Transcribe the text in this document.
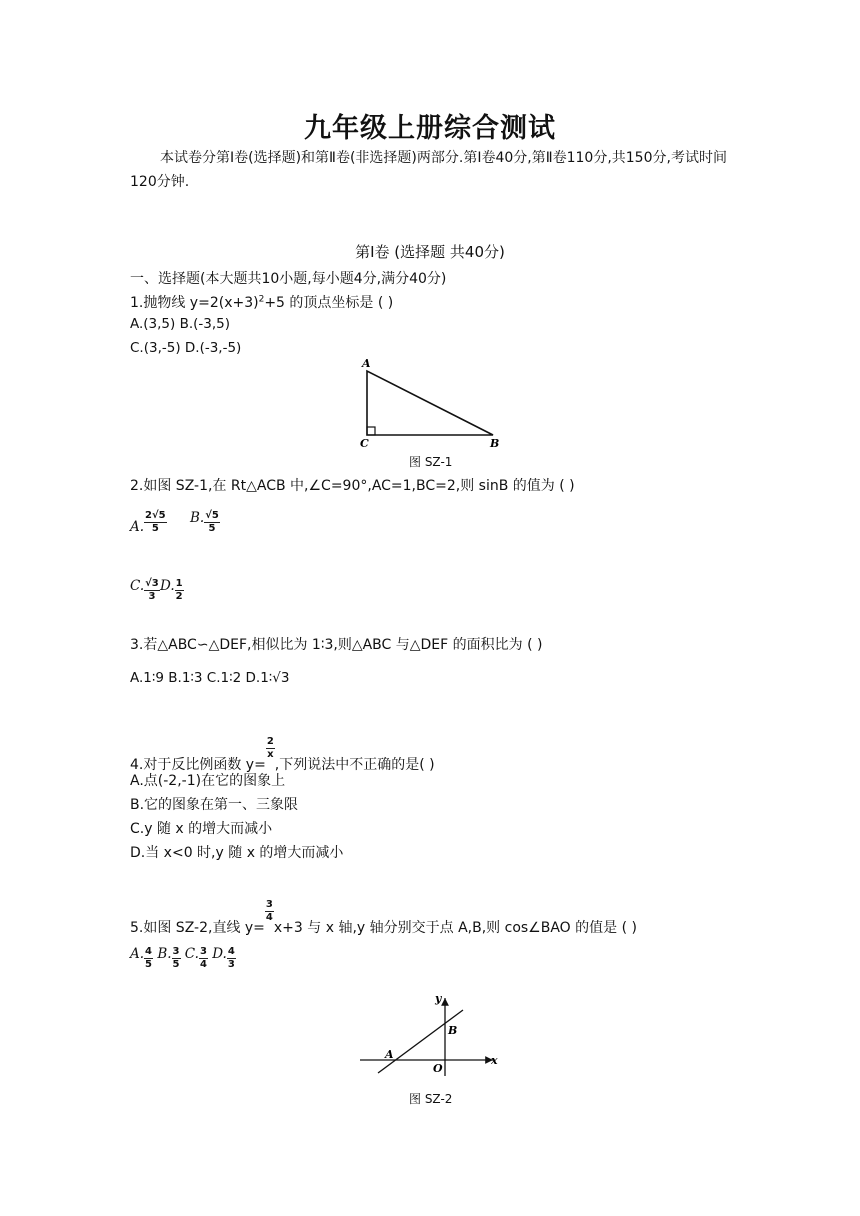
九年级上册综合测试
本试卷分第Ⅰ卷(选择题)和第Ⅱ卷(非选择题)两部分.第Ⅰ卷40分,第Ⅱ卷110分,共150分,考试时间120分钟.
第Ⅰ卷 (选择题 共40分)
一、选择题(本大题共10小题,每小题4分,满分40分)
1.抛物线 $y=2(x+3)^2+5$ 的顶点坐标是 ( )
A.(3,5) B.(-3,5)
C.(3,-5) D.(-3,-5)
A
C	B
图 SZ-1
2.如图 SZ-1,在 Rt△ACB 中,∠C=90°,AC=1,BC=2,则 sinB 的值为 ( )
A. $\frac{2√5}{5} B$. $\frac{√5}{5}$
C. $\frac{√3}{3} D$. $\frac{1}{2}$
3.若△ABC∽△DEF,相似比为 1∶3,则△ABC 与△DEF 的面积比为 ( )
A.1∶9 B.1∶3 C.1∶2 D.1∶√3
4.对于反比例函数 y=
$\frac{2}{x}$
,下列说法中不正确的是( )
A.点(-2,-1)在它的图象上
B.它的图象在第一、三象限
C.y 随 x 的增大而减小
D.当 x<0 时,y 随 x 的增大而减小
5.如图 SZ-2,直线 y=
$\frac{3}{4}$
x+3 与 x 轴,y 轴分别交于点 A,B,则 cos∠BAO 的值是 ( )
A. $\frac{4}{5} B$. $\frac{3}{5} C$. $\frac{3}{4} D$. $\frac{4}{3}$
x
y
A
B
O
图 SZ-2
